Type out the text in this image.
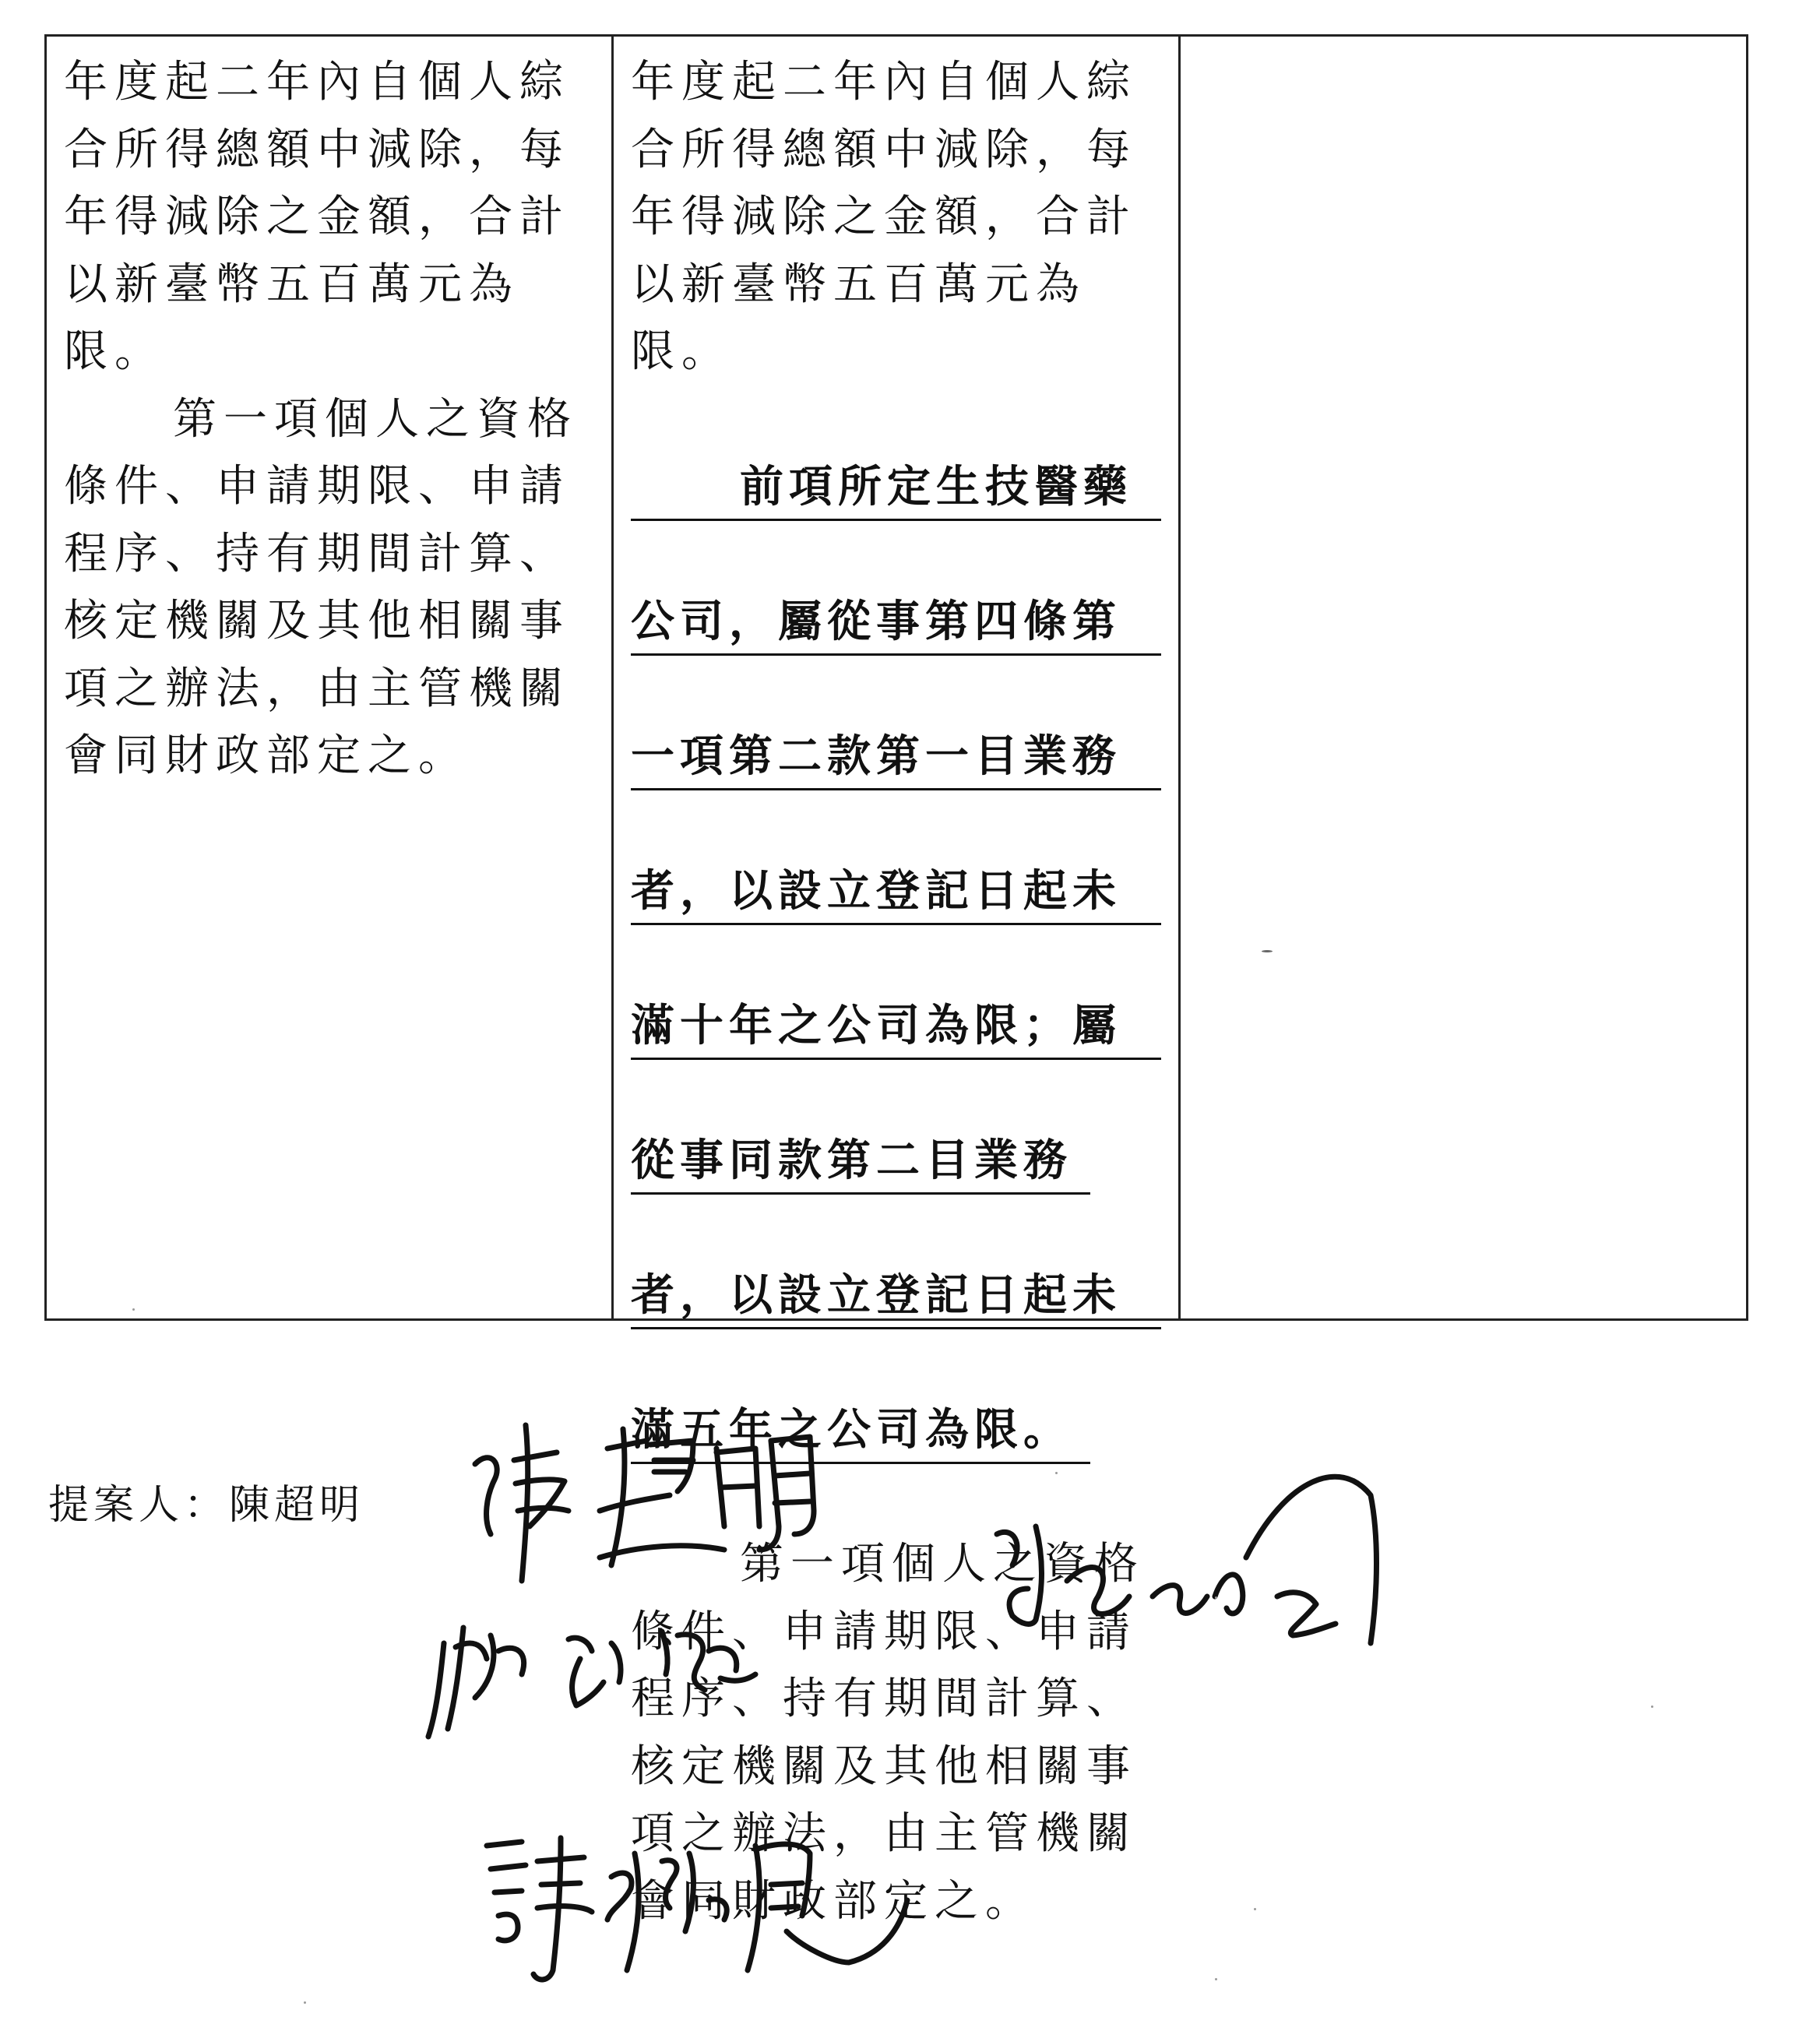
年度起二年內自個人綜
合所得總額中減除，每
年得減除之金額，合計
以新臺幣五百萬元為
限。

第一項個人之資格
條件、申請期限、申請
程序、持有期間計算、
核定機關及其他相關事
項之辦法，由主管機關
會同財政部定之。

年度起二年內自個人綜
合所得總額中減除，每
年得減除之金額，合計
以新臺幣五百萬元為
限。

前項所定生技醫藥

公司，屬從事第四條第

一項第二款第一目業務

者，以設立登記日起未

滿十年之公司為限；屬

從事同款第二目業務

者，以設立登記日起未

滿五年之公司為限。

第一項個人之資格
條件、申請期限、申請
程序、持有期間計算、
核定機關及其他相關事
項之辦法，由主管機關
會同財政部定之。

提案人：陳超明
